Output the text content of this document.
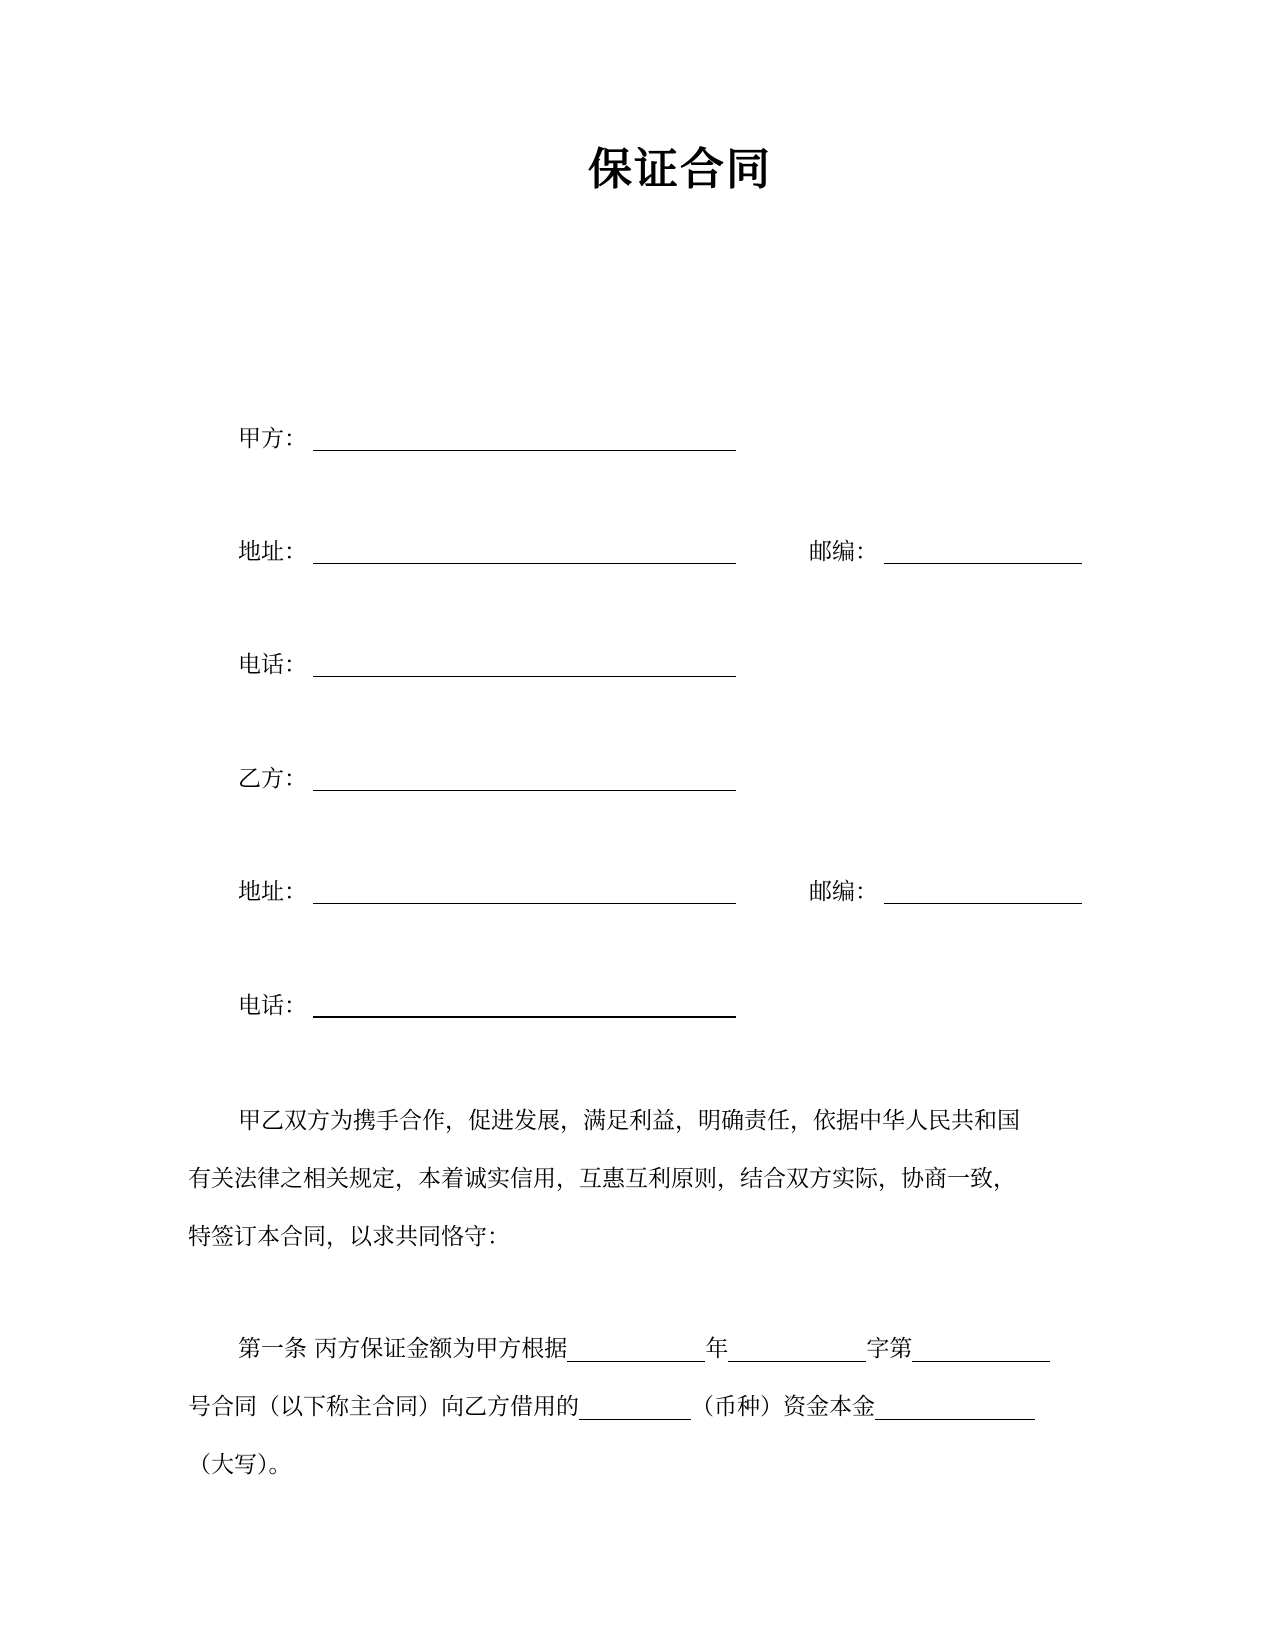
保证合同
甲方：
地址：	邮编：
电话：
乙方：
地址：	邮编：
电话：
甲乙双方为携手合作，促进发展，满足利益，明确责任，依据中华人民共和国
有关法律之相关规定，本着诚实信用，互惠互利原则，结合双方实际，协商一致，
特签订本合同，以求共同恪守：
第一条 丙方保证金额为甲方根据	年	字第
号合同（以下称主合同）向乙方借用的	（币种）资金本金
（大写）。
